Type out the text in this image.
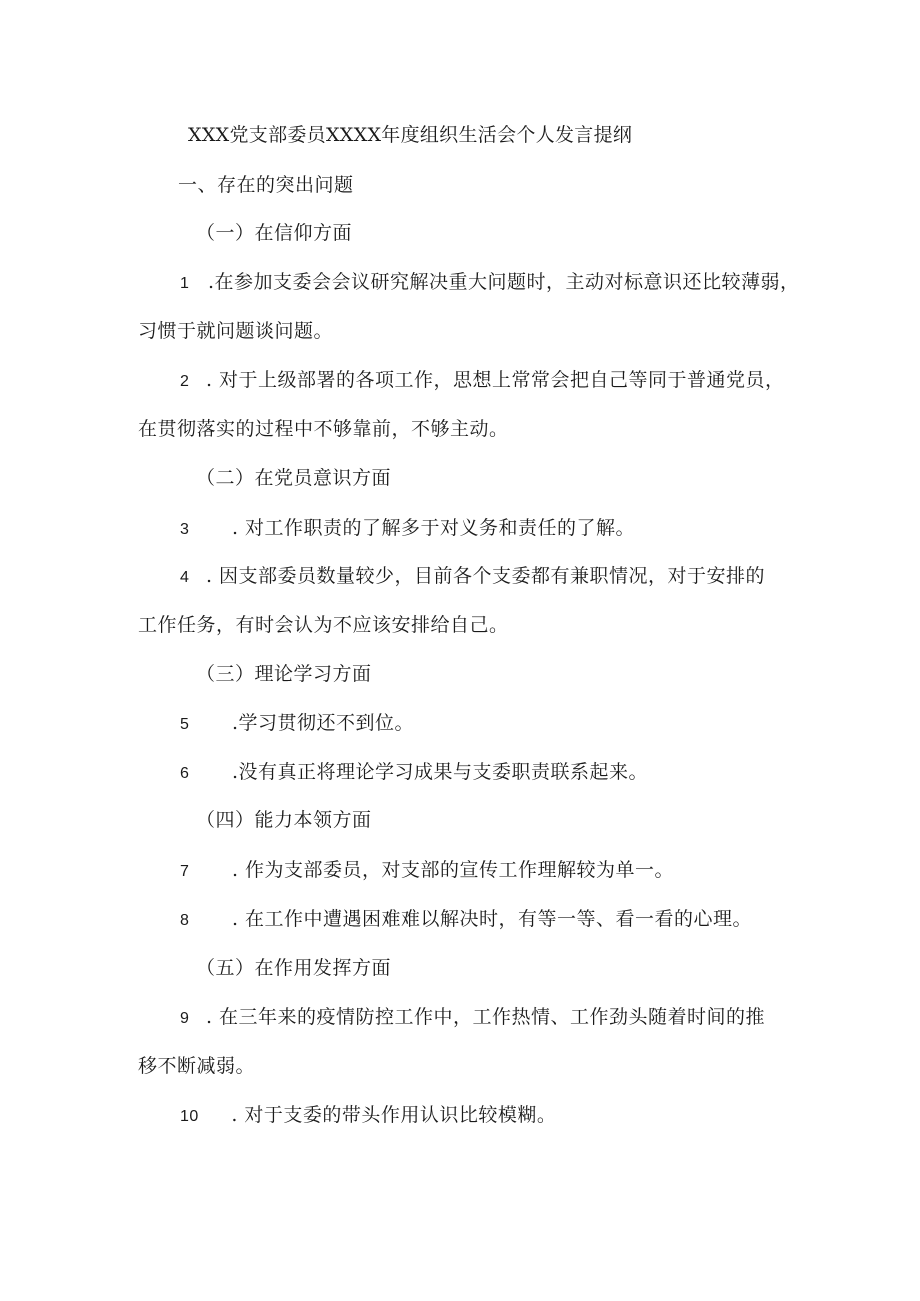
XXX党支部委员XXXX年度组织生活会个人发言提纲
一、存在的突出问题
（一）在信仰方面
1 .在参加支委会会议研究解决重大问题时，主动对标意识还比较薄弱，
习惯于就问题谈问题。
2 . 对于上级部署的各项工作，思想上常常会把自己等同于普通党员，
在贯彻落实的过程中不够靠前，不够主动。
（二）在党员意识方面
3 . 对工作职责的了解多于对义务和责任的了解。
4 . 因支部委员数量较少，目前各个支委都有兼职情况，对于安排的
工作任务，有时会认为不应该安排给自己。
（三）理论学习方面
5 .学习贯彻还不到位。
6 .没有真正将理论学习成果与支委职责联系起来。
（四）能力本领方面
7 . 作为支部委员，对支部的宣传工作理解较为单一。
8 . 在工作中遭遇困难难以解决时，有等一等、看一看的心理。
（五）在作用发挥方面
9 . 在三年来的疫情防控工作中，工作热情、工作劲头随着时间的推
移不断减弱。
10 . 对于支委的带头作用认识比较模糊。
